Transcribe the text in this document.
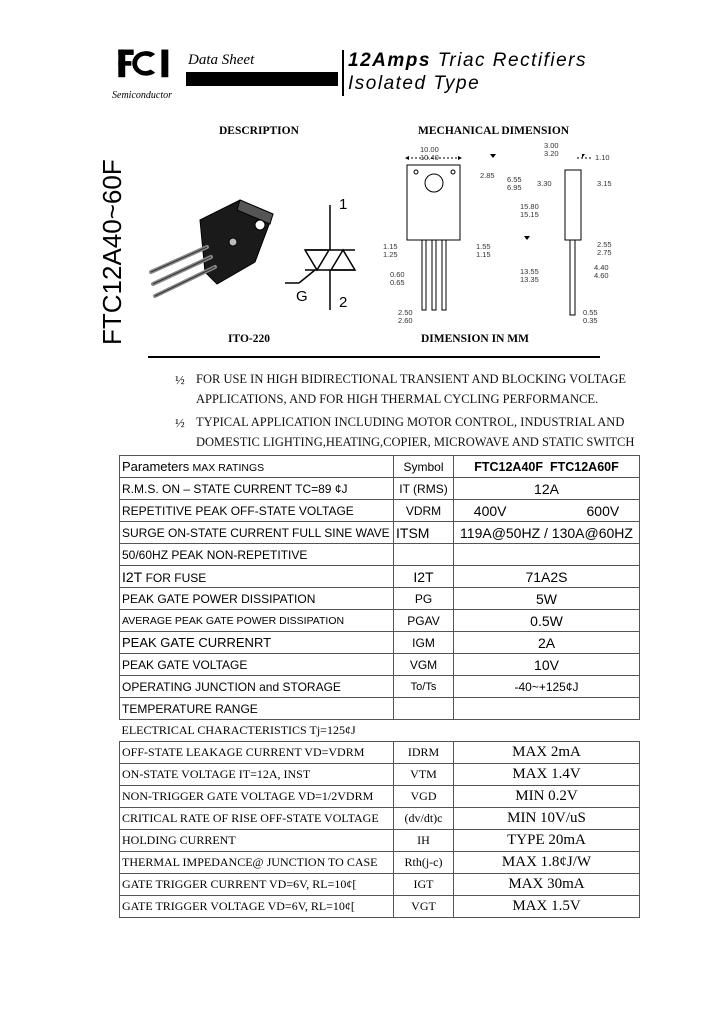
Semiconductor
Data Sheet	12Amps Triac Rectifiers
Isolated Type
DESCRIPTION	MECHANICAL DIMENSION
ITO-220	DIMENSION IN MM
FTC12A40~60F	1
2
G
10.00
10.40
3.00
3.20	1.10
2.85 6.55
6.95 3.30	3.15
15.80
15.15
1.15
1.25
1.55
1.15
2.55
2.75
0.60
0.65
13.55
13.35
4.40
4.60
2.50
2.60
0.55
0.35
½ FOR USE IN HIGH BIDIRECTIONAL TRANSIENT AND BLOCKING VOLTAGE
APPLICATIONS, AND FOR HIGH THERMAL CYCLING PERFORMANCE.
½ TYPICAL APPLICATION INCLUDING MOTOR CONTROL, INDUSTRIAL AND
DOMESTIC LIGHTING,HEATING,COPIER, MICROWAVE AND STATIC SWITCH
Parameters MAX RATINGS	Symbol	FTC12A40F FTC12A60F
R.M.S. ON – STATE CURRENT TC=89 ¢J	IT (RMS)	12A
REPETITIVE PEAK OFF-STATE VOLTAGE	VDRM	400V 600V
SURGE ON-STATE CURRENT FULL SINE WAVE	ITSM	119A@50HZ / 130A@60HZ
50/60HZ PEAK NON-REPETITIVE		
I2T FOR FUSE	I2T	71A2S
PEAK GATE POWER DISSIPATION	PG	5W
AVERAGE PEAK GATE POWER DISSIPATION	PGAV	0.5W
PEAK GATE CURRENRT	IGM	2A
PEAK GATE VOLTAGE	VGM	10V
OPERATING JUNCTION and STORAGE	To/Ts	-40~+125¢J
TEMPERATURE RANGE		
ELECTRICAL CHARACTERISTICS Tj=125¢J		
OFF-STATE LEAKAGE CURRENT VD=VDRM	IDRM	MAX 2mA
ON-STATE VOLTAGE IT=12A, INST	VTM	MAX 1.4V
NON-TRIGGER GATE VOLTAGE VD=1/2VDRM	VGD	MIN 0.2V
CRITICAL RATE OF RISE OFF-STATE VOLTAGE	(dv/dt)c	MIN 10V/uS
HOLDING CURRENT	IH	TYPE 20mA
THERMAL IMPEDANCE@ JUNCTION TO CASE	Rth(j-c)	MAX 1.8¢J/W
GATE TRIGGER CURRENT VD=6V, RL=10¢[	IGT	MAX 30mA
GATE TRIGGER VOLTAGE VD=6V, RL=10¢[	VGT	MAX 1.5V
